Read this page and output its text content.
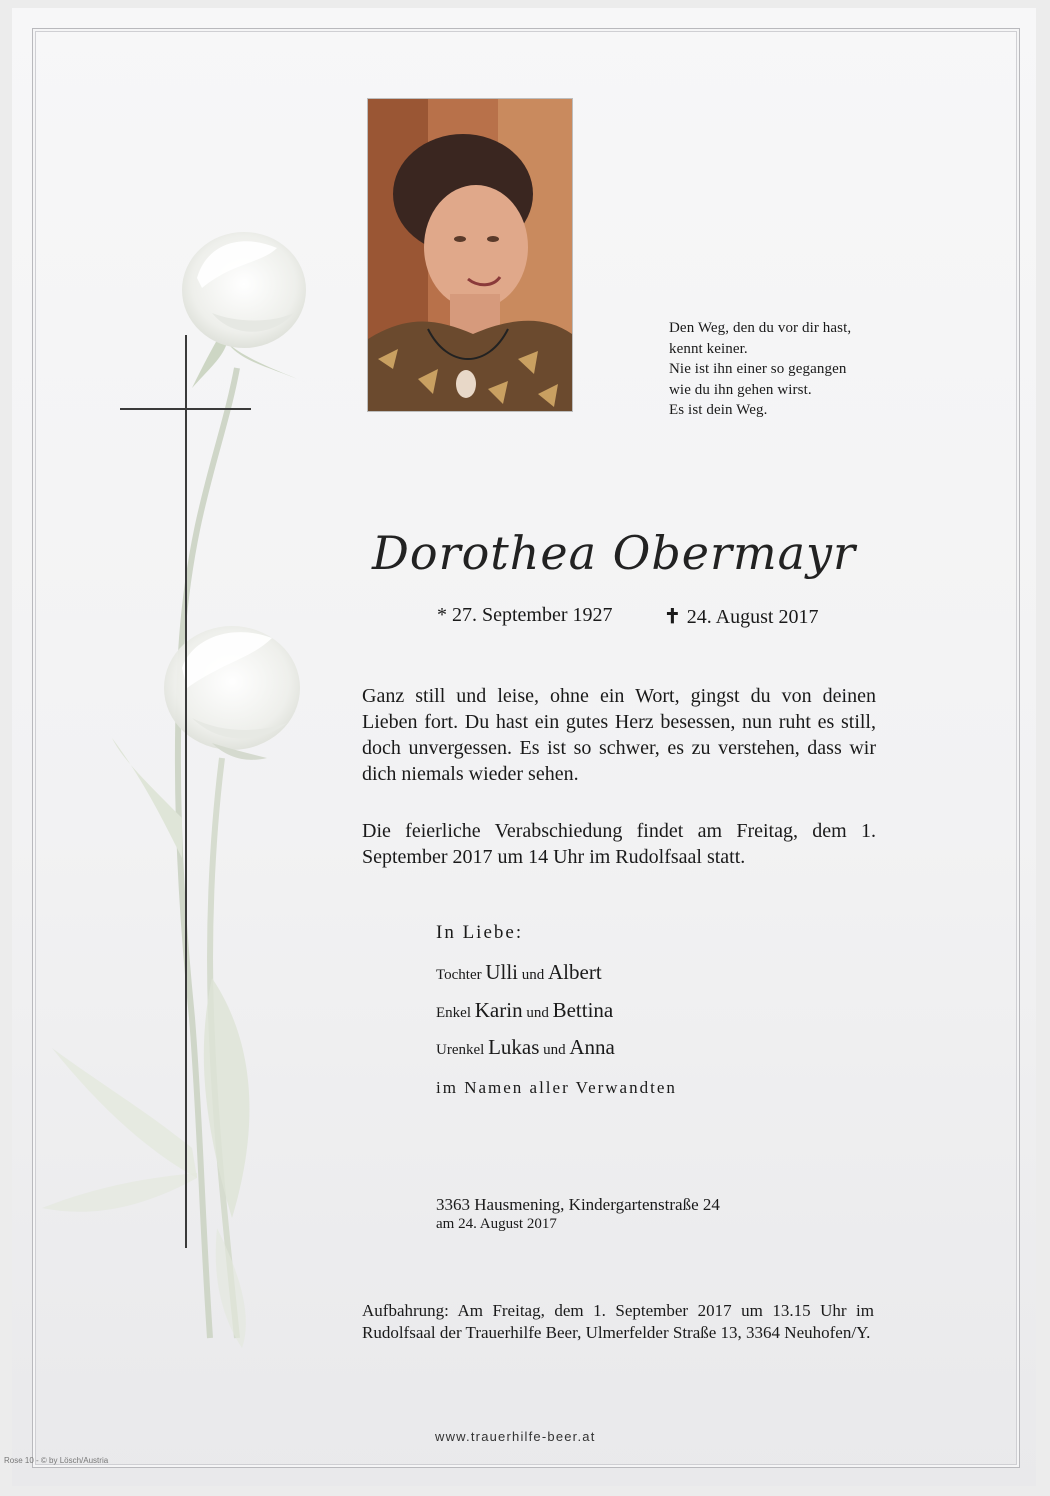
Den Weg, den du vor dir hast,
kennt keiner.
Nie ist ihn einer so gegangen
wie du ihn gehen wirst.
Es ist dein Weg.
Dorothea Obermayr
* 27. September 1927	✝ 24. August 2017
Ganz still und leise, ohne ein Wort, gingst du von deinen Lieben fort. Du hast ein gutes Herz besessen, nun ruht es still, doch unvergessen. Es ist so schwer, es zu verstehen, dass wir dich niemals wieder sehen.
Die feierliche Verabschiedung findet am Freitag, dem 1. September 2017 um 14 Uhr im Rudolfsaal statt.
In Liebe:
Tochter Ulli und Albert
Enkel Karin und Bettina
Urenkel Lukas und Anna
im Namen aller Verwandten
3363 Hausmening, Kindergartenstraße 24
am 24. August 2017
Aufbahrung: Am Freitag, dem 1. September 2017 um 13.15 Uhr im Rudolfsaal der Trauerhilfe Beer, Ulmerfelder Straße 13, 3364 Neuhofen/Y.
www.trauerhilfe-beer.at
Rose 10 - © by Lösch/Austria
